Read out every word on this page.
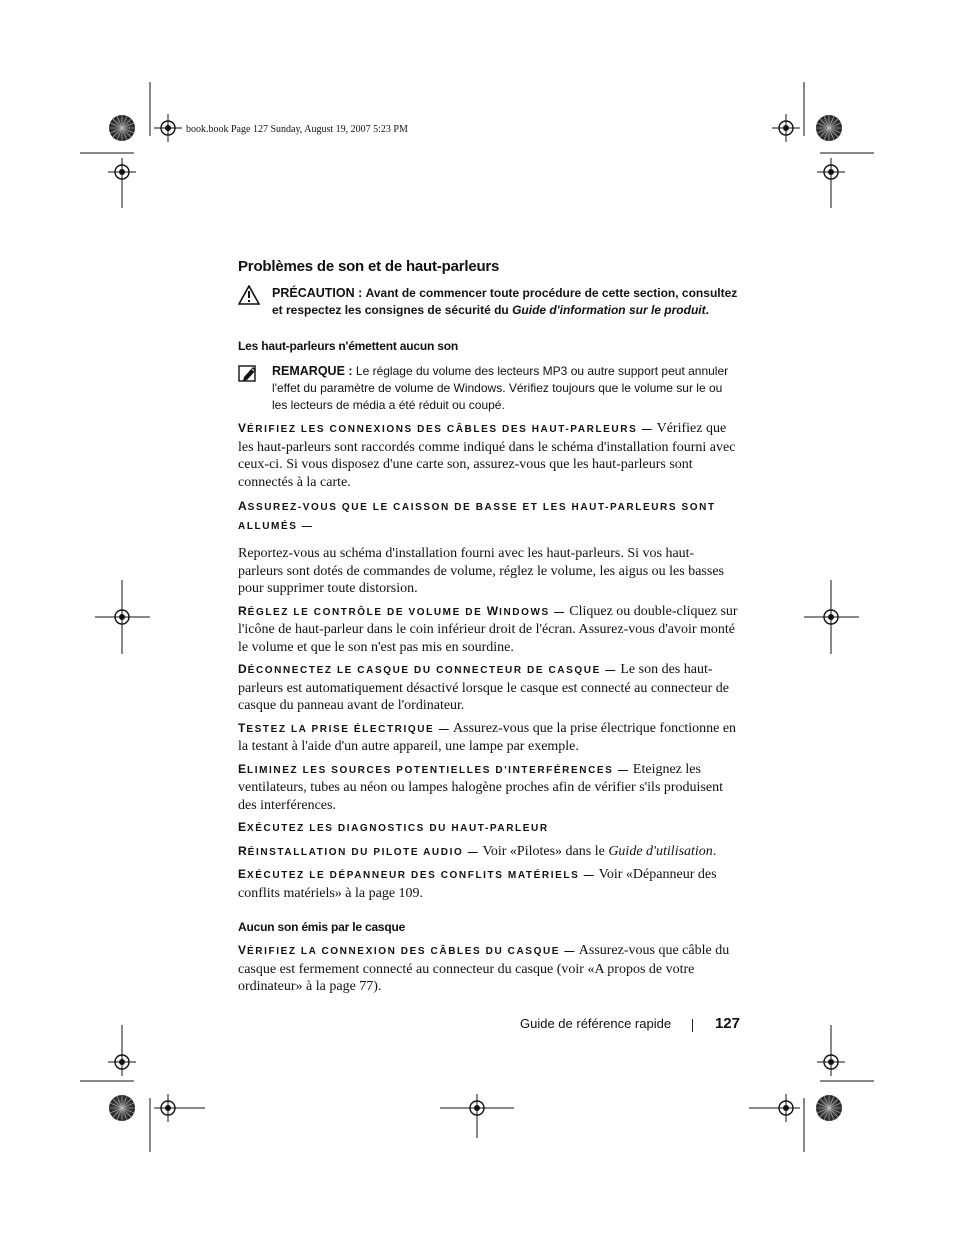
book.book Page 127 Sunday, August 19, 2007 5:23 PM
Problèmes de son et de haut-parleurs
PRÉCAUTION : Avant de commencer toute procédure de cette section, consultez et respectez les consignes de sécurité du Guide d'information sur le produit.
Les haut-parleurs n'émettent aucun son
REMARQUE : Le réglage du volume des lecteurs MP3 ou autre support peut annuler l'effet du paramètre de volume de Windows. Vérifiez toujours que le volume sur le ou les lecteurs de média a été réduit ou coupé.

VÉRIFIEZ LES CONNEXIONS DES CÂBLES DES HAUT-PARLEURS — Vérifiez que les haut-parleurs sont raccordés comme indiqué dans le schéma d'installation fourni avec ceux-ci. Si vous disposez d'une carte son, assurez-vous que les haut-parleurs sont connectés à la carte.

ASSUREZ-VOUS QUE LE CAISSON DE BASSE ET LES HAUT-PARLEURS SONT ALLUMÉS —

Reportez-vous au schéma d'installation fourni avec les haut-parleurs. Si vos haut-parleurs sont dotés de commandes de volume, réglez le volume, les aigus ou les basses pour supprimer toute distorsion.

RÉGLEZ LE CONTRÔLE DE VOLUME DE WINDOWS — Cliquez ou double-cliquez sur l'icône de haut-parleur dans le coin inférieur droit de l'écran. Assurez-vous d'avoir monté le volume et que le son n'est pas mis en sourdine.

DÉCONNECTEZ LE CASQUE DU CONNECTEUR DE CASQUE — Le son des haut-parleurs est automatiquement désactivé lorsque le casque est connecté au connecteur de casque du panneau avant de l'ordinateur.

TESTEZ LA PRISE ÉLECTRIQUE — Assurez-vous que la prise électrique fonctionne en la testant à l'aide d'un autre appareil, une lampe par exemple.

ELIMINEZ LES SOURCES POTENTIELLES D'INTERFÉRENCES — Eteignez les ventilateurs, tubes au néon ou lampes halogène proches afin de vérifier s'ils produisent des interférences.

EXÉCUTEZ LES DIAGNOSTICS DU HAUT-PARLEUR

RÉINSTALLATION DU PILOTE AUDIO — Voir «Pilotes» dans le Guide d'utilisation.

EXÉCUTEZ LE DÉPANNEUR DES CONFLITS MATÉRIELS — Voir «Dépanneur des conflits matériels» à la page 109.

Aucun son émis par le casque

VÉRIFIEZ LA CONNEXION DES CÂBLES DU CASQUE — Assurez-vous que câble du casque est fermement connecté au connecteur du casque (voir «A propos de votre ordinateur» à la page 77).

Guide de référence rapide	127
